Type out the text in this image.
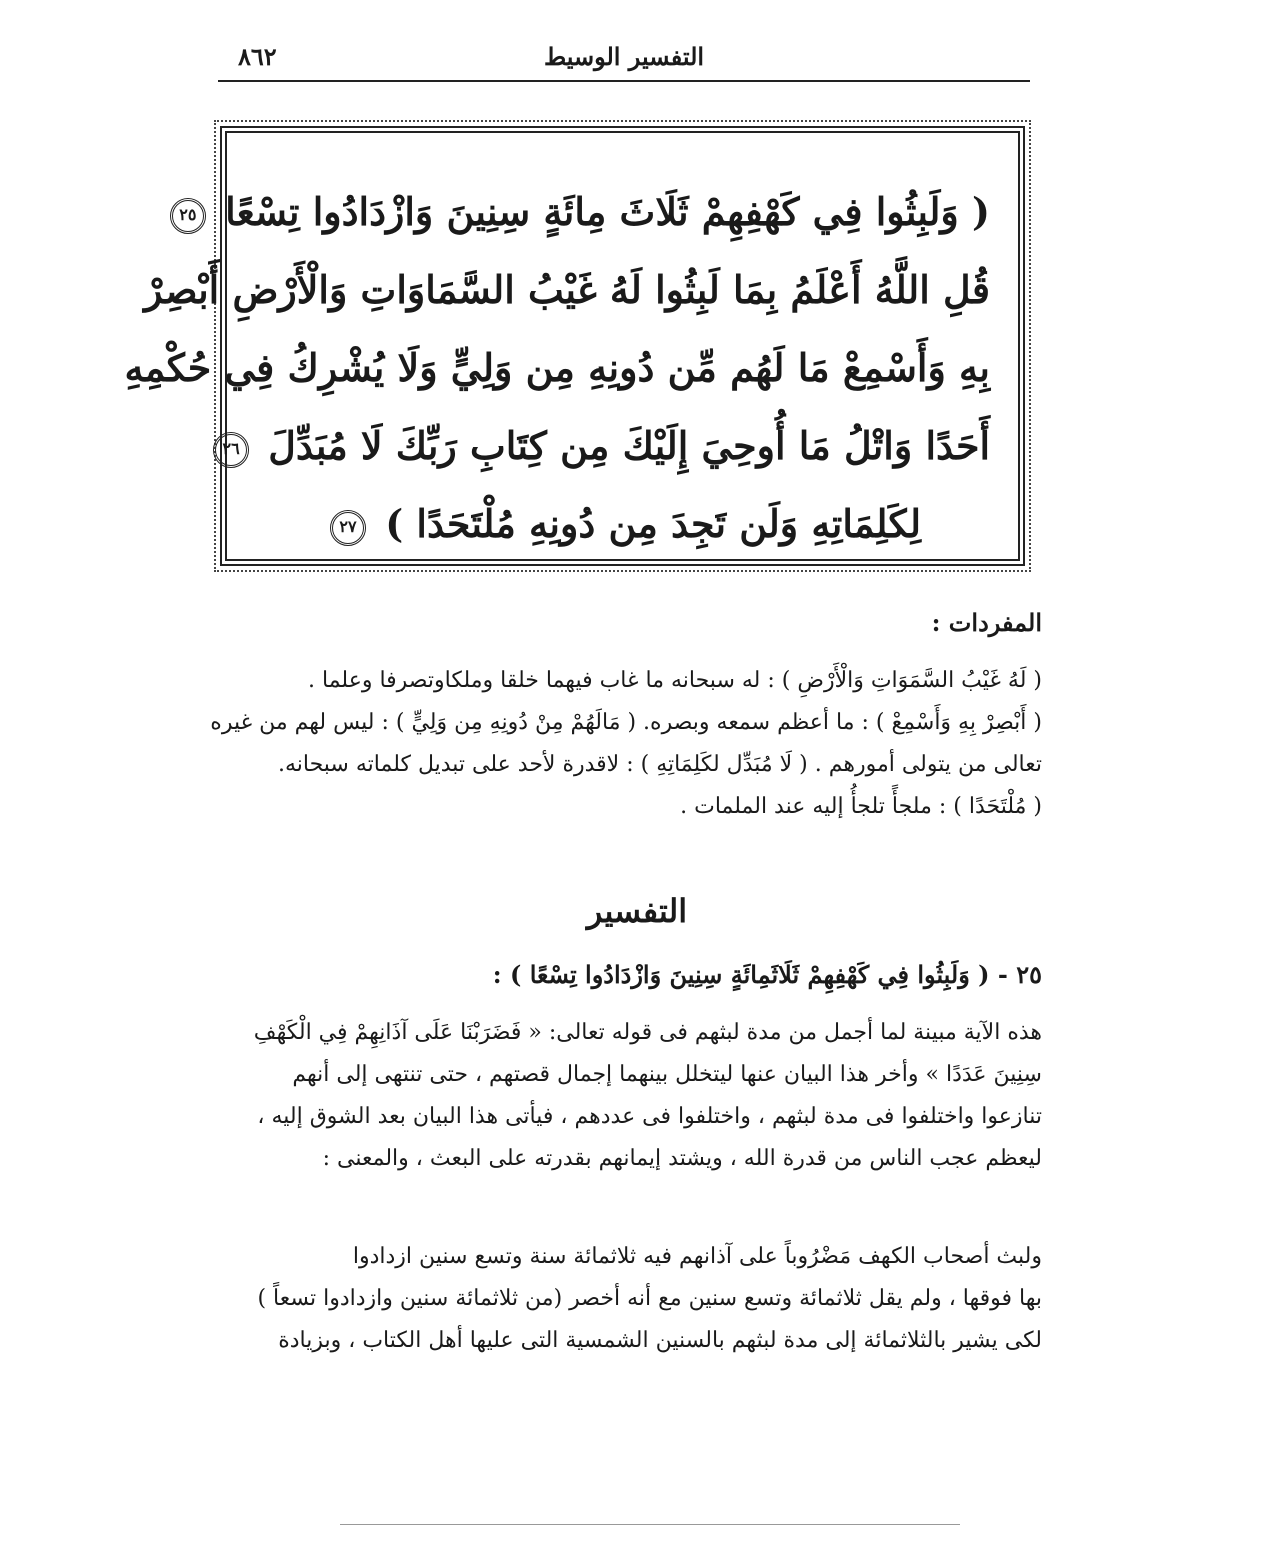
٨٦٢	التفسير الوسيط
( وَلَبِثُوا فِي كَهْفِهِمْ ثَلَاثَ مِائَةٍ سِنِينَ وَازْدَادُوا تِسْعًا ٢٥
قُلِ اللَّهُ أَعْلَمُ بِمَا لَبِثُوا لَهُ غَيْبُ السَّمَاوَاتِ وَالْأَرْضِ أَبْصِرْ
بِهِ وَأَسْمِعْ مَا لَهُم مِّن دُونِهِ مِن وَلِيٍّ وَلَا يُشْرِكُ فِي حُكْمِهِ
أَحَدًا وَاتْلُ مَا أُوحِيَ إِلَيْكَ مِن كِتَابِ رَبِّكَ لَا مُبَدِّلَ ٢٦
لِكَلِمَاتِهِ وَلَن تَجِدَ مِن دُونِهِ مُلْتَحَدًا ) ٢٧
المفردات :
( لَهُ غَيْبُ السَّمَوَاتِ وَالْأَرْضِ ) : له سبحانه ما غاب فيهما خلقا وملكاوتصرفا وعلما .
( أَبْصِرْ بِهِ وَأَسْمِعْ ) : ما أعظم سمعه وبصره. ( مَالَهُمْ مِنْ دُونِهِ مِن وَلِيٍّ ) : ليس لهم من غيره
تعالى من يتولى أمورهم . ( لَا مُبَدِّل لكَلِمَاتِهِ ) : لاقدرة لأحد على تبديل كلماته سبحانه.
( مُلْتَحَدًا ) : ملجأً تلجأُ إليه عند الملمات .
التفسير
٢٥ - ( وَلَبِثُوا فِي كَهْفِهِمْ ثَلَاثَمِائَةٍ سِنِينَ وَازْدَادُوا تِسْعًا ) :
هذه الآية مبينة لما أجمل من مدة لبثهم فى قوله تعالى: « فَضَرَبْنَا عَلَى آذَانِهِمْ فِي الْكَهْفِ
سِنِينَ عَدَدًا » وأخر هذا البيان عنها ليتخلل بينهما إجمال قصتهم ، حتى تنتهى إلى أنهم
تنازعوا واختلفوا فى مدة لبثهم ، واختلفوا فى عددهم ، فيأتى هذا البيان بعد الشوق إليه ،
ليعظم عجب الناس من قدرة الله ، ويشتد إيمانهم بقدرته على البعث ، والمعنى :
ولبث أصحاب الكهف مَضْرُوباً على آذانهم فيه ثلاثمائة سنة وتسع سنين ازدادوا
بها فوقها ، ولم يقل ثلاثمائة وتسع سنين مع أنه أخصر (من ثلاثمائة سنين وازدادوا تسعاً )
لكى يشير بالثلاثمائة إلى مدة لبثهم بالسنين الشمسية التى عليها أهل الكتاب ، وبزيادة
